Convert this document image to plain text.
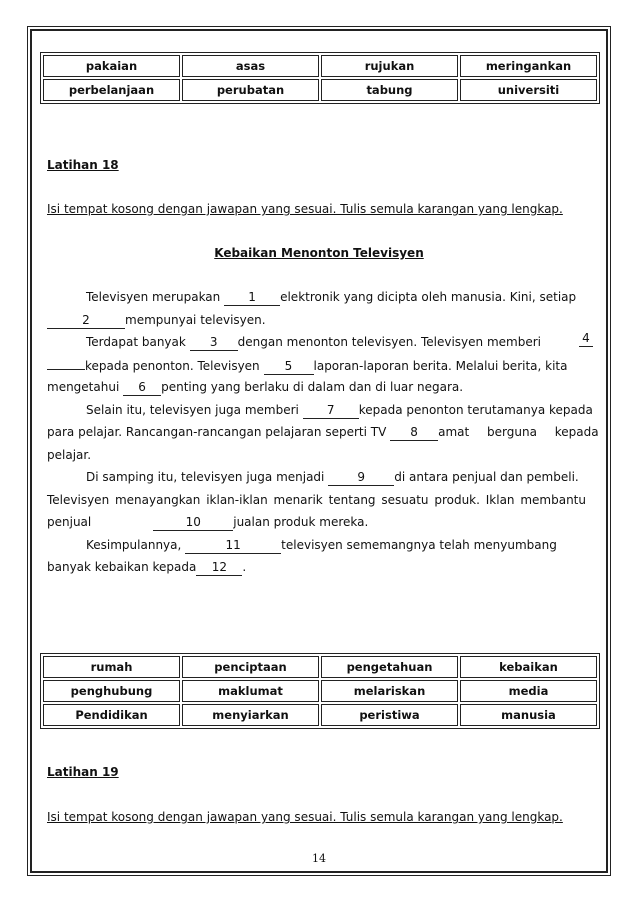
pakaian	asas	rujukan	meringankan
perbelanjaan	perubatan	tabung	universiti
Latihan 18
Isi tempat kosong dengan jawapan yang sesuai. Tulis semula karangan yang lengkap.
Kebaikan Menonton Televisyen
Televisyen merupakan 1 elektronik yang dicipta oleh manusia. Kini, setiap
2	mempunyai televisyen.
Terdapat banyak 3 dengan menonton televisyen. Televisyen memberi	4
kepada penonton. Televisyen 5 laporan-laporan berita. Melalui berita, kita
mengetahui 6 penting yang berlaku di dalam dan di luar negara.
Selain itu, televisyen juga memberi 7 kepada penonton terutamanya kepada
para pelajar. Rancangan-rancangan pelajaran seperti TV 8 amat berguna kepada
pelajar.
Di samping itu, televisyen juga menjadi	9 di antara penjual dan pembeli.
Televisyen menayangkan iklan-iklan menarik tentang sesuatu produk. Iklan membantu
penjual	10	jualan produk mereka.
Kesimpulannya,	11	televisyen sememangnya telah menyumbang
banyak kebaikan kepada 12 .
rumah	penciptaan	pengetahuan	kebaikan
penghubung	maklumat	melariskan	media
Pendidikan	menyiarkan	peristiwa	manusia
Latihan 19
Isi tempat kosong dengan jawapan yang sesuai. Tulis semula karangan yang lengkap.
14
